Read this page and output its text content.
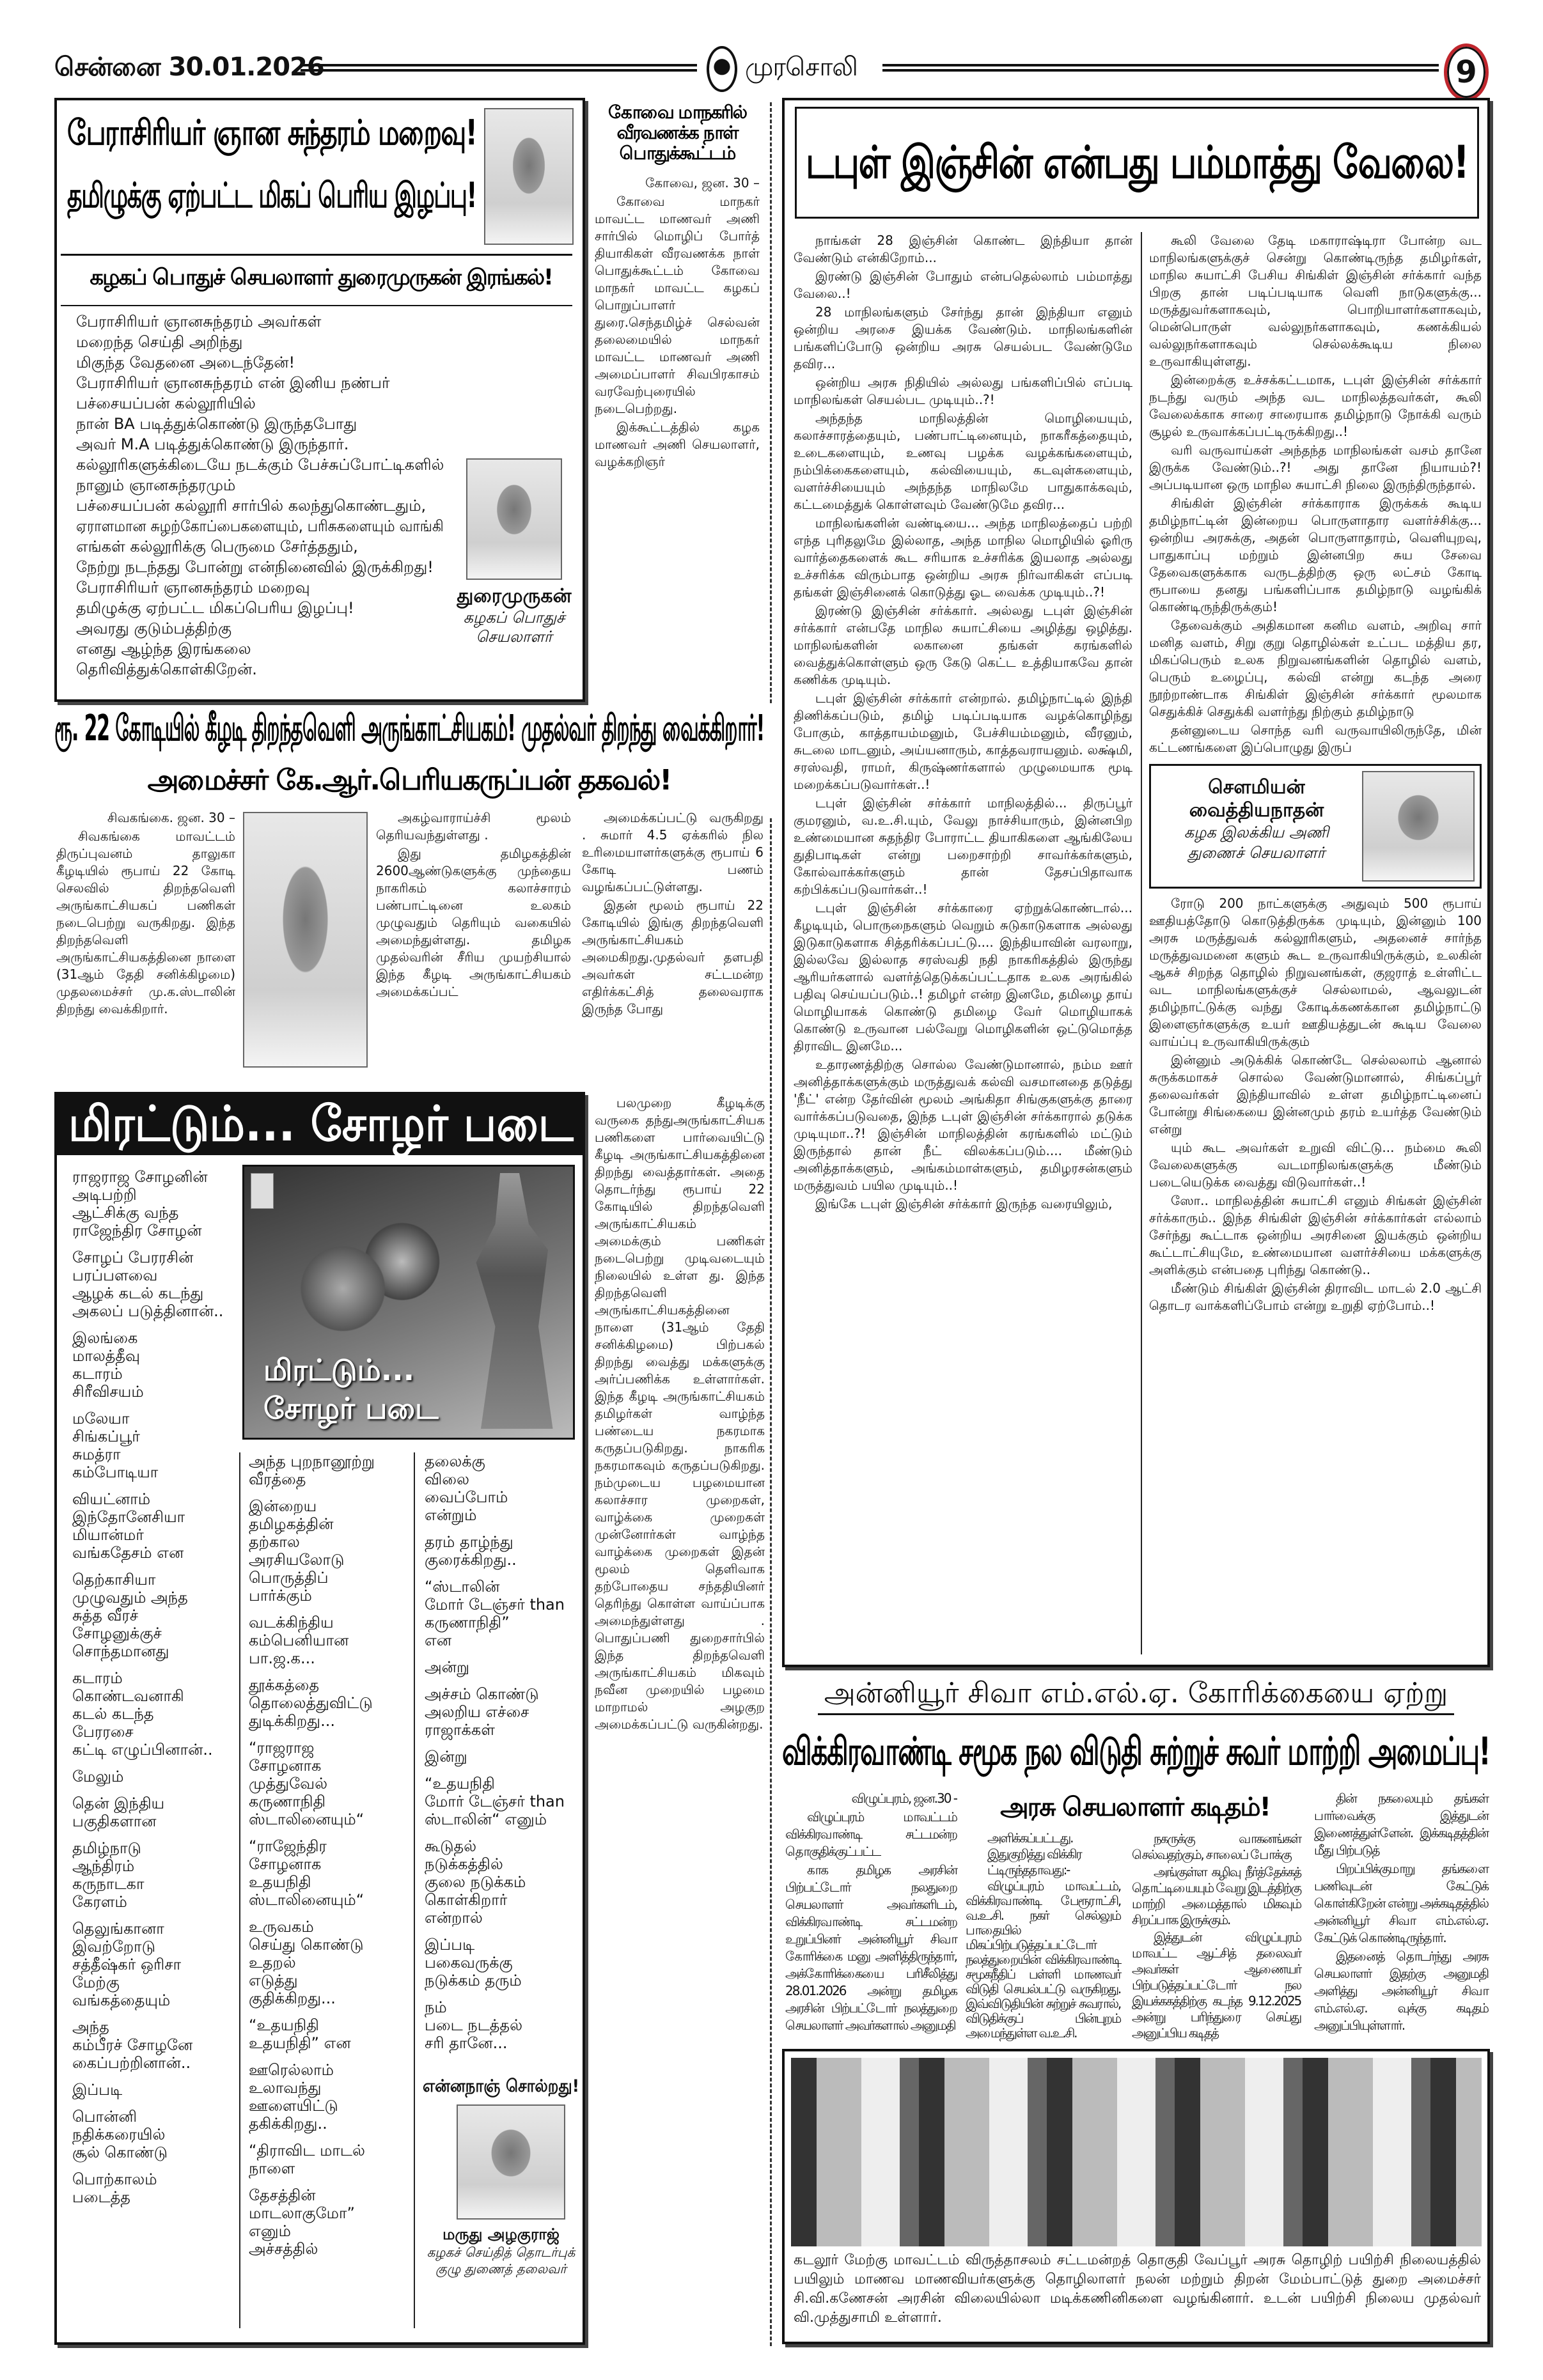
சென்னை 30.01.2026	முரசொலி	9
பேராசிரியர் ஞான சுந்தரம் மறைவு!
தமிழுக்கு ஏற்பட்ட மிகப் பெரிய இழப்பு!
கழகப் பொதுச் செயலாளர் துரைமுருகன் இரங்கல்!
பேராசிரியர் ஞானசுந்தரம் அவர்கள்
மறைந்த செய்தி அறிந்து
மிகுந்த வேதனை அடைந்தேன்!
பேராசிரியர் ஞானசுந்தரம் என் இனிய நண்பர்
பச்சையப்பன் கல்லூரியில்
நான் BA படித்துக்கொண்டு இருந்தபோது
அவர் M.A படித்துக்கொண்டு இருந்தார்.
கல்லூரிகளுக்கிடையே நடக்கும் பேச்சுப்போட்டிகளில்
நானும் ஞானசுந்தரமும்
பச்சையப்பன் கல்லூரி சார்பில் கலந்துகொண்டதும்,
ஏராளமான சுழற்கோப்பைகளையும், பரிசுகளையும் வாங்கி
எங்கள் கல்லூரிக்கு பெருமை சேர்த்ததும்,
நேற்று நடந்தது போன்று என்நினைவில் இருக்கிறது!
பேராசிரியர் ஞானசுந்தரம் மறைவு
தமிழுக்கு ஏற்பட்ட மிகப்பெரிய இழப்பு!
அவரது குடும்பத்திற்கு
எனது ஆழ்ந்த இரங்கலை
தெரிவித்துக்கொள்கிறேன்.
துரைமுருகன்
கழகப் பொதுச்
செயலாளர்
கோவை மாநகரில் வீரவணக்க நாள் பொதுக்கூட்டம்

கோவை, ஜன. 30 –

கோவை மாநகர் மாவட்ட மாணவர் அணி சார்பில் மொழிப் போர்த் தியாகிகள் வீரவணக்க நாள் பொதுக்கூட்டம் கோவை மாநகர் மாவட்ட கழகப் பொறுப்பாளர் துரை.செந்தமிழ்ச் செல்வன் தலைமையில் மாநகர் மாவட்ட மாணவர் அணி அமைப்பாளர் சிவபிரகாசம் வரவேற்புரையில் நடைபெற்றது.

இக்கூட்டத்தில் கழக மாணவர் அணி செயலாளர், வழக்கறிஞர்

ரூ. 22 கோடியில் கீழடி திறந்தவெளி அருங்காட்சியகம்! முதல்வர் திறந்து வைக்கிறார்!
அமைச்சர் கே.ஆர்.பெரியகருப்பன் தகவல்!

சிவகங்கை. ஜன. 30 –

சிவகங்கை மாவட்டம் திருப்புவனம் தாலுகா கீழடியில் ரூபாய் 22 கோடி செலவில் திறந்தவெளி அருங்காட்சியகப் பணிகள் நடைபெற்று வருகிறது. இந்த திறந்தவெளி அருங்காட்சியகத்தினை நாளை (31ஆம் தேதி சனிக்கிழமை) முதலமைச்சர் மு.க.ஸ்டாலின் திறந்து வைக்கிறார்.

அகழ்வாராய்ச்சி மூலம் தெரியவந்துள்ளது .

இது தமிழகத்தின் 2600ஆண்டுகளுக்கு முந்தைய நாகரிகம் கலாச்சாரம் பண்பாட்டினை உலகம் முழுவதும் தெரியும் வகையில் அமைந்துள்ளது. தமிழக முதல்வரின் சீரிய முயற்சியால் இந்த கீழடி அருங்காட்சியகம் அமைக்கப்பட்

அமைக்கப்பட்டு வருகிறது . சுமார் 4.5 ஏக்கரில் நில உரிமையாளர்களுக்கு ரூபாய் 6 கோடி பணம் வழங்கப்பட்டுள்ளது.

இதன் மூலம் ரூபாய் 22 கோடியில் இங்கு திறந்தவெளி அருங்காட்சியகம் அமைகிறது.முதல்வர் தளபதி அவர்கள் சட்டமன்ற எதிர்க்கட்சித் தலைவராக இருந்த போது

பலமுறை கீழடிக்கு வருகை தந்துஅருங்காட்சியக பணிகளை பார்வையிட்டு கீழடி அருங்காட்சியகத்தினை திறந்து வைத்தார்கள். அதை தொடர்ந்து ரூபாய் 22 கோடியில் திறந்தவெளி அருங்காட்சியகம் அமைக்கும் பணிகள் நடைபெற்று முடிவடையும் நிலையில் உள்ள து. இந்த திறந்தவெளி அருங்காட்சியகத்தினை நாளை (31ஆம் தேதி சனிக்கிழமை) பிற்பகல் திறந்து வைத்து மக்களுக்கு அர்ப்பணிக்க உள்ளார்கள். இந்த கீழடி அருங்காட்சியகம் தமிழர்கள் வாழ்ந்த பண்டைய நகரமாக கருதப்படுகிறது. நாகரிக நகரமாகவும் கருதப்படுகிறது. நம்முடைய பழமையான கலாச்சார முறைகள், வாழ்க்கை முறைகள் முன்னோர்கள் வாழ்ந்த வாழ்க்கை முறைகள் இதன் மூலம் தெளிவாக தற்போதைய சந்ததியினர் தெரிந்து கொள்ள வாய்ப்பாக அமைந்துள்ளது . பொதுப்பணி துறைசார்பில் இந்த திறந்தவெளி அருங்காட்சியகம் மிகவும் நவீன முறையில் பழமை மாறாமல் அழகுற அமைக்கப்பட்டு வருகின்றது.

மிரட்டும்... சோழர் படை
மிரட்டும்...
சோழர் படை

ராஜராஜ சோழனின்
அடிபற்றி
ஆட்சிக்கு வந்த
ராஜேந்திர சோழன்

சோழப் பேரரசின்
பரப்பளவை
ஆழக் கடல் கடந்து
அகலப் படுத்தினான்..

இலங்கை
மாலத்தீவு
கடாரம்
சிரீவிசயம்

மலேயா
சிங்கப்பூர்
சுமத்ரா
கம்போடியா

வியட்னாம்
இந்தோனேசியா
மியான்மர்
வங்கதேசம் என

தெற்காசியா
முழுவதும் அந்த
சுத்த வீரச்
சோழனுக்குச்
சொந்தமானது

கடாரம்
கொண்டவனாகி
கடல் கடந்த
பேரரசை
கட்டி எழுப்பினான்..

மேலும்

தென் இந்திய
பகுதிகளான

தமிழ்நாடு
ஆந்திரம்
கருநாடகா
கேரளம்

தெலுங்கானா
இவற்றோடு
சத்தீஷ்கர் ஒரிசா
மேற்கு
வங்கத்தையும்

அந்த
கம்பீரச் சோழனே
கைப்பற்றினான்..

இப்படி

பொன்னி
நதிக்கரையில்
சூல் கொண்டு

பொற்காலம்
படைத்த

அந்த புறநானூற்று
வீரத்தை

இன்றைய
தமிழகத்தின்
தற்கால
அரசியலோடு
பொருத்திப்
பார்க்கும்

வடக்கிந்திய
கம்பெனியான
பா.ஜ.க...

தூக்கத்தை
தொலைத்துவிட்டு
துடிக்கிறது...

“ராஜராஜ
சோழனாக
முத்துவேல்
கருணாநிதி
ஸ்டாலினையும்“

“ராஜேந்திர
சோழனாக
உதயநிதி
ஸ்டாலினையும்“

உருவகம்
செய்து கொண்டு
உதறல்
எடுத்து
குதிக்கிறது...

“உதயநிதி
உதயநிதி” என

ஊரெல்லாம்
உலாவந்து
ஊளையிட்டு
தகிக்கிறது..

“திராவிட மாடல்
நாளை

தேசத்தின்
மாடலாகுமோ”
எனும்
அச்சத்தில்

தலைக்கு
விலை
வைப்போம்
என்றும்

தரம் தாழ்ந்து
குரைக்கிறது..

“ஸ்டாலின்
மோர் டேஞ்சர் than
கருணாநிதி”
என

அன்று

அச்சம் கொண்டு
அலறிய எச்சை
ராஜாக்கள்

இன்று

“உதயநிதி
மோர் டேஞ்சர் than
ஸ்டாலின்“ எனும்

கூடுதல்
நடுக்கத்தில்
குலை நடுக்கம்
கொள்கிறார்
என்றால்

இப்படி
பகைவருக்கு
நடுக்கம் தரும்

நம்
படை நடத்தல்
சரி தானே...

என்னநாஞ் சொல்றது!
மருது அழகுராஜ்
கழகச் செய்தித் தொடர்புக் குழு துணைத் தலைவர்
டபுள் இஞ்சின் என்பது பம்மாத்து வேலை!

நாங்கள் 28 இஞ்சின் கொண்ட இந்தியா தான் வேண்டும் என்கிறோம்...

இரண்டு இஞ்சின் போதும் என்பதெல்லாம் பம்மாத்து வேலை..!

28 மாநிலங்களும் சேர்ந்து தான் இந்தியா எனும் ஒன்றிய அரசை இயக்க வேண்டும். மாநிலங்களின் பங்களிப்போடு ஒன்றிய அரசு செயல்பட வேண்டுமே தவிர...

ஒன்றிய அரசு நிதியில் அல்லது பங்களிப்பில் எப்படி மாநிலங்கள் செயல்பட முடியும்..?!

அந்தந்த மாநிலத்தின் மொழியையும், கலாச்சாரத்தையும், பண்பாட்டினையும், நாகரீகத்தையும், உடைகளையும், உணவு பழக்க வழக்கங்களையும், நம்பிக்கைகளையும், கல்வியையும், கடவுள்களையும், வளர்ச்சியையும் அந்தந்த மாநிலமே பாதுகாக்கவும், கட்டமைத்துக் கொள்ளவும் வேண்டுமே தவிர...

மாநிலங்களின் வண்டியை... அந்த மாநிலத்தைப் பற்றி எந்த புரிதலுமே இல்லாத, அந்த மாநில மொழியில் ஓரிரு வார்த்தைகளைக் கூட சரியாக உச்சரிக்க இயலாத அல்லது உச்சரிக்க விரும்பாத ஒன்றிய அரசு நிர்வாகிகள் எப்படி தங்கள் இஞ்சினைக் கொடுத்து ஓட வைக்க முடியும்..?!

இரண்டு இஞ்சின் சர்க்கார். அல்லது டபுள் இஞ்சின் சர்க்கார் என்பதே மாநில சுயாட்சியை அழித்து ஒழித்து. மாநிலங்களின் லகானை தங்கள் கரங்களில் வைத்துக்கொள்ளும் ஒரு கேடு கெட்ட உத்தியாகவே தான் கணிக்க முடியும்.

டபுள் இஞ்சின் சர்க்கார் என்றால். தமிழ்நாட்டில் இந்தி திணிக்கப்படும், தமிழ் படிப்படியாக வழக்கொழிந்து போகும், காத்தாயம்மனும், பேச்சியம்மனும், வீரனும், சுடலை மாடனும், அய்யனாரும், காத்தவராயனும். லக்ஷ்மி, சரஸ்வதி, ராமர், கிருஷ்ணர்களால் முழுமையாக மூடி மறைக்கப்படுவார்கள்..!

டபுள் இஞ்சின் சர்க்கார் மாநிலத்தில்... திருப்பூர் குமரனும், வ.உ.சி.யும், வேலு நாச்சியாரும், இன்னபிற உண்மையான சுதந்திர போராட்ட தியாகிகளை ஆங்கிலேய துதிபாடிகள் என்று பறைசாற்றி சாவர்க்கர்களும், கோல்வாக்கர்களும் தான் தேசப்பிதாவாக கற்பிக்கப்படுவார்கள்..!

டபுள் இஞ்சின் சர்க்காரை ஏற்றுக்கொண்டால்... கீழடியும், பொருநைகளும் வெறும் சுடுகாடுகளாக அல்லது இடுகாடுகளாக சித்தரிக்கப்பட்டு.... இந்தியாவின் வரலாறு, இல்லவே இல்லாத சரஸ்வதி நதி நாகரிகத்தில் இருந்து ஆரியர்களால் வளர்த்தெடுக்கப்பட்டதாக உலக அரங்கில் பதிவு செய்யப்படும்..! தமிழர் என்ற இனமே, தமிழை தாய் மொழியாகக் கொண்டு தமிழை வேர் மொழியாகக் கொண்டு உருவான பல்வேறு மொழிகளின் ஒட்டுமொத்த திராவிட இனமே...

உதாரணத்திற்கு சொல்ல வேண்டுமானால், நம்ம ஊர் அனித்தாக்களுக்கும் மருத்துவக் கல்வி வசமானதை தடுத்து 'நீட்' என்ற தேர்வின் மூலம் அங்கிதா சிங்குகளுக்கு தாரை வார்க்கப்படுவதை, இந்த டபுள் இஞ்சின் சர்க்காரால் தடுக்க முடியுமா..?! இஞ்சின் மாநிலத்தின் கரங்களில் மட்டும் இருந்தால் தான் நீட் விலக்கப்படும்.... மீண்டும் அனித்தாக்களும், அங்கம்மாள்களும், தமிழரசன்களும் மருத்துவம் பயில முடியும்..!

இங்கே டபுள் இஞ்சின் சர்க்கார் இருந்த வரையிலும்,

கூலி வேலை தேடி மகாராஷ்டிரா போன்ற வட மாநிலங்களுக்குச் சென்று கொண்டிருந்த தமிழர்கள், மாநில சுயாட்சி பேசிய சிங்கிள் இஞ்சின் சர்க்கார் வந்த பிறகு தான் படிப்படியாக வெளி நாடுகளுக்கு... மருத்துவர்களாகவும், பொறியாளர்களாகவும், மென்பொருள் வல்லுநர்களாகவும், கணக்கியல் வல்லுநர்களாகவும் செல்லக்கூடிய நிலை உருவாகியுள்ளது.

இன்றைக்கு உச்சக்கட்டமாக, டபுள் இஞ்சின் சர்க்கார் நடந்து வரும் அந்த வட மாநிலத்தவர்கள், கூலி வேலைக்காக சாரை சாரையாக தமிழ்நாடு நோக்கி வரும் சூழல் உருவாக்கப்பட்டிருக்கிறது..!

வரி வருவாய்கள் அந்தந்த மாநிலங்கள் வசம் தானே இருக்க வேண்டும்..?! அது தானே நியாயம்?! அப்படியான ஒரு மாநில சுயாட்சி நிலை இருந்திருந்தால்.

சிங்கிள் இஞ்சின் சர்க்காராக இருக்கக் கூடிய தமிழ்நாட்டின் இன்றைய பொருளாதார வளர்ச்சிக்கு... ஒன்றிய அரசுக்கு, அதன் பொருளாதாரம், வெளியுறவு, பாதுகாப்பு மற்றும் இன்னபிற சுய சேவை தேவைகளுக்காக வருடத்திற்கு ஒரு லட்சம் கோடி ரூபாயை தனது பங்களிப்பாக தமிழ்நாடு வழங்கிக் கொண்டிருந்திருக்கும்!

தேவைக்கும் அதிகமான கனிம வளம், அறிவு சார் மனித வளம், சிறு குறு தொழில்கள் உட்பட மத்திய தர, மிகப்பெரும் உலக நிறுவனங்களின் தொழில் வளம், பெரும் உழைப்பு, கல்வி என்று கடந்த அரை நூற்றாண்டாக சிங்கிள் இஞ்சின் சர்க்கார் மூலமாக செதுக்கிச் செதுக்கி வளர்ந்து நிற்கும் தமிழ்நாடு

தன்னுடைய சொந்த வரி வருவாயிலிருந்தே, மின் கட்டணங்களை இப்பொழுது இருப்

சௌமியன்
வைத்தியநாதன்
கழக இலக்கிய அணி
துணைச் செயலாளர்

ரோடு 200 நாட்களுக்கு அதுவும் 500 ரூபாய் ஊதியத்தோடு கொடுத்திருக்க முடியும், இன்னும் 100 அரசு மருத்துவக் கல்லூரிகளும், அதனைச் சார்ந்த மருத்துவமனை களும் கூட உருவாகியிருக்கும், உலகின் ஆகச் சிறந்த தொழில் நிறுவனங்கள், குஜராத் உள்ளிட்ட வட மாநிலங்களுக்குச் செல்லாமல், ஆவலுடன் தமிழ்நாட்டுக்கு வந்து கோடிக்கணக்கான தமிழ்நாட்டு இளைஞர்களுக்கு உயர் ஊதியத்துடன் கூடிய வேலை வாய்ப்பு உருவாகியிருக்கும்

இன்னும் அடுக்கிக் கொண்டே செல்லலாம் ஆனால் சுருக்கமாகச் சொல்ல வேண்டுமானால், சிங்கப்பூர் தலைவர்கள் இந்தியாவில் உள்ள தமிழ்நாட்டினைப் போன்று சிங்கையை இன்னமும் தரம் உயர்த்த வேண்டும் என்று

யும் கூட அவர்கள் உறுவி விட்டு... நம்மை கூலி வேலைகளுக்கு வடமாநிலங்களுக்கு மீண்டும் படையெடுக்க வைத்து விடுவார்கள்..!

ஸோ.. மாநிலத்தின் சுயாட்சி எனும் சிங்கள் இஞ்சின் சர்க்காரும்.. இந்த சிங்கிள் இஞ்சின் சர்க்கார்கள் எல்லாம் சேர்ந்து கூட்டாக ஒன்றிய அரசினை இயக்கும் ஒன்றிய கூட்டாட்சியுமே, உண்மையான வளர்ச்சியை மக்களுக்கு அளிக்கும் என்பதை புரிந்து கொண்டு..

மீண்டும் சிங்கிள் இஞ்சின் திராவிட மாடல் 2.0 ஆட்சி தொடர வாக்களிப்போம் என்று உறுதி ஏற்போம்..!

அன்னியூர் சிவா எம்.எல்.ஏ. கோரிக்கையை ஏற்று
விக்கிரவாண்டி சமூக நல விடுதி சுற்றுச் சுவர் மாற்றி அமைப்பு!

விழுப்புரம், ஜன.30 -

விழுப்புரம் மாவட்டம் விக்கிரவாண்டி சட்டமன்ற தொகுதிக்குட்பட்ட

காக தமிழக அரசின் பிற்பட்டோர் நலதுறை செயலாளர் அவர்களிடம், விக்கிரவாண்டி சட்டமன்ற உறுப்பினர் அன்னியூர் சிவா கோரிக்கை மனு அளித்திருந்தார், அக்கோரிக்கையை பரிசீலித்து 28.01.2026 அன்று தமிழக அரசின் பிற்பட்டோர் நலத்துறை செயலாளர் அவர்களால் அனுமதி

அரசு செயலாளர் கடிதம்!

அளிக்கப்பட்டது.

இதுகுறித்து விக்கிர

ட்டிருந்ததாவது:-

விழுப்புரம் மாவட்டம், விக்கிரவாண்டி பேரூராட்சி, வ.உ.சி. நகர் செல்லும் பாதையில் மிகப்பிற்படுத்தப்பட்டோர் நலத்துறையின் விக்கிரவாண்டி சமூகநீதிப் பள்ளி மாணவர் விடுதி செயல்பட்டு வருகிறது. இவ்விடுதியின் சுற்றுச் சுவரால், விடுதிக்குப் பின்புறம் அமைந்துள்ள வ.உ.சி.

நகருக்கு வாகனங்கள் செல்வதற்கும், சாலைப் போக்கு

அங்குள்ள கழிவு நீர்த்தேக்கத் தொட்டியையும் வேறு இடத்திற்கு மாற்றி அமைத்தால் மிகவும் சிறப்பாக இருக்கும்.

இத்துடன் விழுப்புரம் மாவட்ட ஆட்சித் தலைவர் அவர்கள் ஆணையர் பிற்படுத்தப்பட்டோர் நல இயக்ககத்திற்கு கடந்த 9.12.2025 அன்று பரிந்துரை செய்து அனுப்பிய கடிதத்

தின் நகலையும் தங்கள் பார்வைக்கு இத்துடன் இணைத்துள்ளேன். இக்கடிதத்தின் மீது பிற்படுத்

பிறப்பிக்குமாறு தங்களை பணிவுடன் கேட்டுக் கொள்கிறேன் என்று அக்கடிதத்தில் அன்னியூர் சிவா எம்.எல்.ஏ. கேட்டுக் கொண்டிருந்தார்.

இதனைத் தொடர்ந்து அரசு செயலாளர் இதற்கு அனுமதி அளித்து அன்னியூர் சிவா எம்.எல்.ஏ. வுக்கு கடிதம் அனுப்பியுள்ளார்.

கடலூர் மேற்கு மாவட்டம் விருத்தாசலம் சட்டமன்றத் தொகுதி வேப்பூர் அரசு தொழிற் பயிற்சி நிலையத்தில் பயிலும் மாணவ மாணவியர்களுக்கு தொழிலாளர் நலன் மற்றும் திறன் மேம்பாட்டுத் துறை அமைச்சர் சி.வி.கணேசன் அரசின் விலையில்லா மடிக்கணினிகளை வழங்கினார். உடன் பயிற்சி நிலைய முதல்வர் வி.முத்துசாமி உள்ளார்.
